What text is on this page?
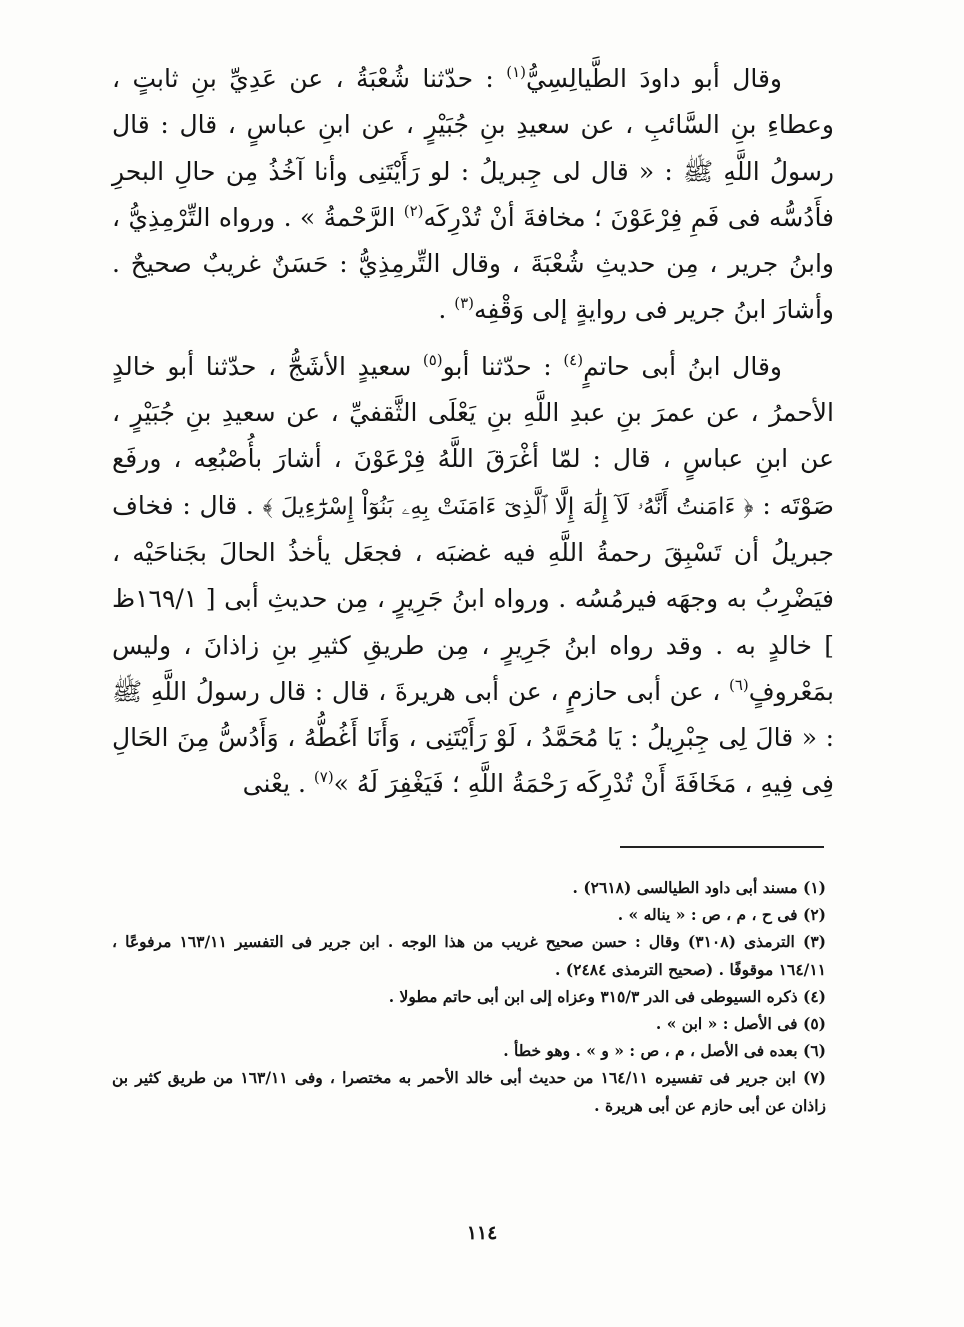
وقال أبو داودَ الطَّيالِسِيُّ$^{(١)}$ : حدّثنا شُعْبَةُ ، عن عَدِيِّ بنِ ثابتٍ ، وعطاءِ بنِ السَّائبِ ، عن سعيدِ بنِ جُبَيْرٍ ، عن ابنِ عباسٍ ، قال : قال رسولُ اللَّهِ ﷺ : « قال لى جِبريلُ : لو رَأَيْتَنِى وأنا آخُذُ مِن حالِ البحرِ فأَدُسُّه فى فَمِ فِرْعَوْنَ ؛ مخافةَ أنْ تُدْرِكَه$^{(٢)}$ الرَّحْمةُ » . ورواه التِّرْمِذِيُّ ، وابنُ جرير ، مِن حديثِ شُعْبَةَ ، وقال التِّرمِذِيُّ : حَسَنٌ غريبٌ صحيحٌ . وأشارَ ابنُ جرير فى روايةٍ إلى وَقْفِه$^{(٣)}$ .

وقال ابنُ أبى حاتمٍ$^{(٤)}$ : حدّثنا أبو$^{(٥)}$ سعيدٍ الأشَجُّ ، حدّثنا أبو خالدٍ الأحمرُ ، عن عمرَ بنِ عبدِ اللَّهِ بنِ يَعْلَى الثَّقفيِّ ، عن سعيدِ بنِ جُبَيْرٍ ، عن ابنِ عباسٍ ، قال : لمّا أغْرَقَ اللَّهُ فِرْعَوْنَ ، أشارَ بأُصْبُعِه ، ورفَع صَوْتَه : ﴿ ءَامَنتُ أَنَّهُۥ لَآ إِلَٰهَ إِلَّا ٱلَّذِىٓ ءَامَنَتْ بِهِۦ بَنُوٓاْ إِسْرَٰٓءِيلَ ﴾ . قال : فخاف جبريلُ أن تَسْبِقَ رحمةُ اللَّهِ فيه غضبَه ، فجعَل يأخذُ الحالَ بجَناحَيْه ، فيَضْرِبُ به وجهَه فيرمُسُه . ورواه ابنُ جَرِيرٍ ، مِن حديثِ أبى [ ١٦٩/١ظ ] خالدٍ به . وقد رواه ابنُ جَرِيرٍ ، مِن طريقِ كثيرِ بنِ زاذانَ ، وليس بمَعْروفٍ$^{(٦)}$ ، عن أبى حازمٍ ، عن أبى هريرةَ ، قال : قال رسولُ اللَّهِ ﷺ : « قالَ لِى جِبْرِيلُ : يَا مُحَمَّدُ ، لَوْ رَأَيْتَنِى ، وَأَنَا أَغُطُّهُ ، وَأَدُسُّ مِنَ الحَالِ فِى فِيهِ ، مَخَافَةَ أَنْ تُدْرِكَه رَحْمَةُ اللَّهِ ؛ فَيَغْفِرَ لَهُ »$^{(٧)}$ . يعْنى

(١) مسند أبى داود الطيالسى (٢٦١٨) .

(٢) فى ح ، م ، ص : « يناله » .

(٣) الترمذى (٣١٠٨) وقال : حسن صحيح غريب من هذا الوجه . ابن جرير فى التفسير ١٦٣/١١ مرفوعًا ، ١٦٤/١١ موقوفًا . (صحيح الترمذى ٢٤٨٤) .

(٤) ذكره السيوطى فى الدر ٣١٥/٣ وعزاه إلى ابن أبى حاتم مطولا .

(٥) فى الأصل : « ابن » .

(٦) بعده فى الأصل ، م ، ص : « و » . وهو خطأ .

(٧) ابن جرير فى تفسيره ١٦٤/١١ من حديث أبى خالد الأحمر به مختصرا ، وفى ١٦٣/١١ من طريق كثير بن زاذان عن أبى حازم عن أبى هريرة .

١١٤
